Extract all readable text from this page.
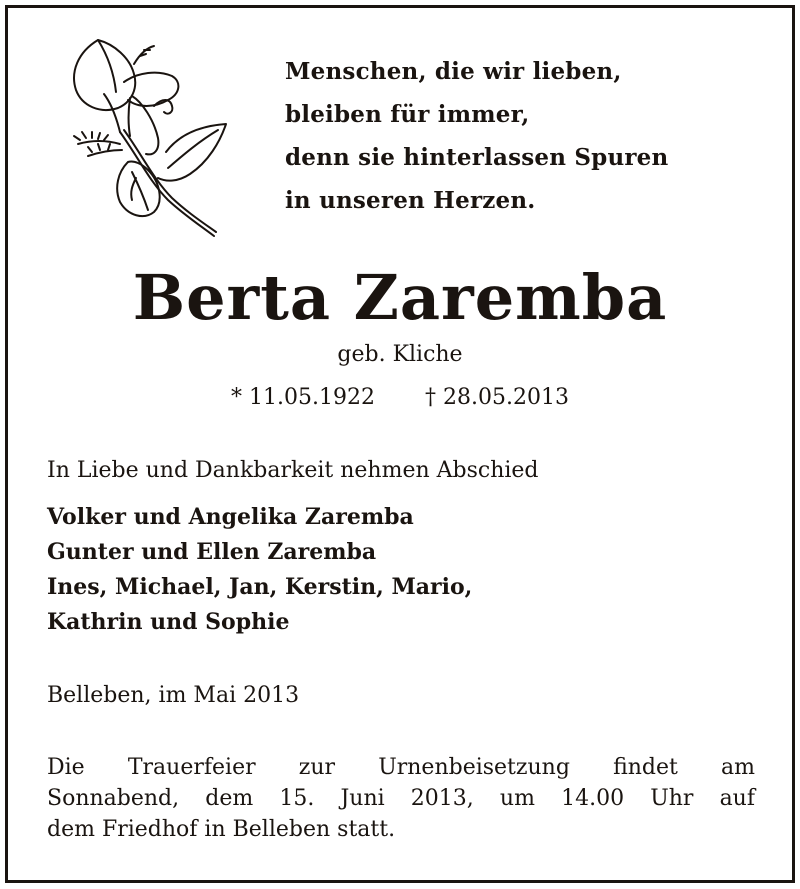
Menschen, die wir lieben,
bleiben für immer,
denn sie hinterlassen Spuren
in unseren Herzen.
Berta Zaremba
geb. Kliche
* 11.05.1922 † 28.05.2013
In Liebe und Dankbarkeit nehmen Abschied
Volker und Angelika Zaremba
Gunter und Ellen Zaremba
Ines, Michael, Jan, Kerstin, Mario,
Kathrin und Sophie
Belleben, im Mai 2013
Die Trauerfeier zur Urnenbeisetzung findet am
Sonnabend, dem 15. Juni 2013, um 14.00 Uhr auf
dem Friedhof in Belleben statt.
